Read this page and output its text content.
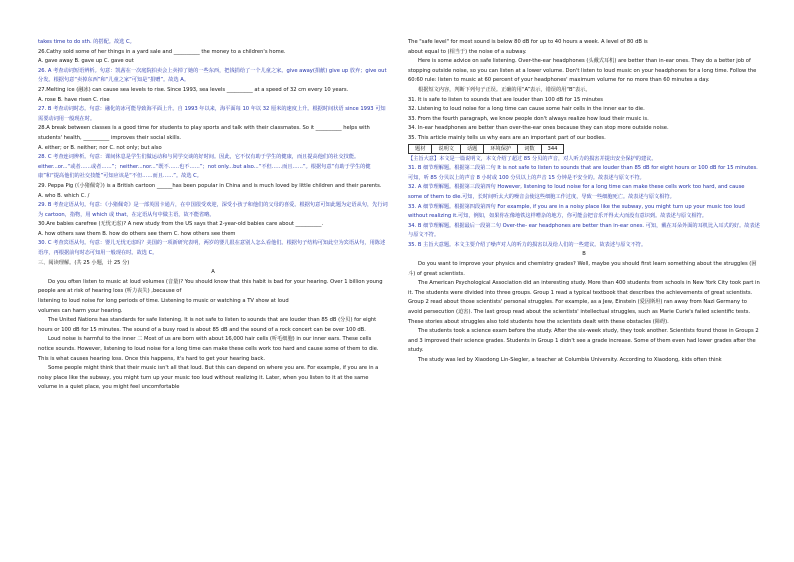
takes time to do sth. 的搭配。故选 C。

26.Cathy sold some of her things in a yard sale and __________ the money to a children's home.

A. gave away B. gave up C. gave out

26. A 考查动词短语辨析。句意：凯茜在一次庭院拍卖会上卖掉了她的一些东西，把钱捐给了一个儿童之家。give away(捐献) give up 放弃；give out 分发。根据句意“卖掉东西”和“儿童之家”可知是“捐赠”。故选 A。

27.Melting ice (融冰) can cause sea levels to rise. Since 1993, sea levels __________ at a speed of 32 cm every 10 years.

A. rose B. have risen C. rise

27. B 考查动词时态。句意：融化的冰可能导致海平面上升。自 1993 年以来，海平面每 10 年以 32 厘米的速度上升。根据时间状语 since 1993 可知需要动词用一般现在时。

28.A break between classes is a good time for students to play sports and talk with their classmates. So it __________ helps with students' health, __________ improves their social skills.

A. either; or B. neither; nor C. not only; but also

28. C 考查连词辨析。句意：课间休息是学生们做运动和与同学交谈的好时间。因此，它不仅有助于学生的健康，而且提高他们的社交技能。either...or...“或者……或者……”；neither...nor...“既不……也不……”；not only...but also...“不但……而且……”。根据句意“有助于学生的健康”和“提高他们的社交技能”可知应该是“不但……而且……”。故选 C。

29. Peppa Pig (《小猪佩奇》) is a British cartoon ______has been popular in China and is much loved by little children and their parents.

A. who B. which C. /

29. B 考查定语从句。句意：《小猪佩奇》是一部英国卡通片，在中国很受欢迎，深受小孩子和他们的父母的喜爱。根据句意可知此题为定语从句，先行词为 cartoon，指物，用 which 或 that，在定语从句中做主语，故不能省略。

30.Are babies carefree (无忧无虑)? A new study from the US says that 2-year-old babies care about __________.

A. how others saw them B. how do others see them C. how others see them

30. C 考查宾语从句。句意：婴儿无忧无虑吗？美国的一项新研究表明，两岁的婴儿很在意别人怎么看他们。根据句子结构可知此空为宾语从句，用陈述语序，再根据前句时态可知用一般现在时。故选 C。

三、阅读理解。(共 25 小题，计 25 分)

A

Do you often listen to music at loud volumes (音量)? You should know that this habit is bad for your hearing. Over 1 billion young people are at risk of hearing loss (听力丧失) ,because of

listening to loud noise for long periods of time. Listening to music or watching a TV show at loud

volumes can harm your hearing.

The United Nations has standards for safe listening. It is not safe to listen to sounds that are louder than 85 dB (分贝) for eight hours or 100 dB for 15 minutes. The sound of a busy road is about 85 dB and the sound of a rock concert can be over 100 dB.

Loud noise is harmful to the inner 二 Most of us are born with about 16,000 hair cells (听毛细胞) in our inner ears. These cells notice sounds. However, listening to loud noise for a long time can make these cells work too hard and cause some of them to die. This is what causes hearing loss. Once this happens, it's hard to get your hearing back.

Some people might think that their music isn't all that loud. But this can depend on where you are. For example, if you are in a noisy place like the subway, you might turn up your music too loud without realizing it. Later, when you listen to it at the same volume in a quiet place, you might feel uncomfortable

The "safe level" for most sound is below 80 dB for up to 40 hours a week. A level of 80 dB is

about equal to (相当于) the noise of a subway.

Here is some advice on safe listening. Over-the-ear headphones (头戴式耳机) are better than in-ear ones. They do a better job of stopping outside noise, so you can listen at a lower volume. Don't listen to loud music on your headphones for a long time. Follow the 60:60 rule: listen to music at 60 percent of your headphones' maximum volume for no more than 60 minutes a day.

根据短文内容，判断下列句子正误。正确的用“A”表示，错误的用“B”表示。

31. It is safe to listen to sounds that are louder than 100 dB for 15 minutes

32. Listening to loud noise for a long time can cause some hair cells in the inner ear to die.

33. From the fourth paragraph, we know people don't always realize how loud their music is.

34. In-ear headphones are better than over-the-ear ones because they can stop more outside noise.

35. This article mainly tells us why ears are an important part of our bodies.

题材	说明文	话题	环境保护	词数	344

【主旨大意】本文是一篇说明文，本文介绍了超过 85 分贝的声音，对人听力的损害并提出安全保护的建议。

31. B 细节理解题。根据第二段第二句 It is not safe to listen to sounds that are louder than 85 dB for eight hours or 100 dB for 15 minutes.可知，听 85 分贝以上的声音 8 小时或 100 分贝以上的声音 15 分钟是不安全的。故表述与原文不符。

32. A 细节理解题。根据第三段第四句 However, listening to loud noise for a long time can make these cells work too hard, and cause some of them to die.可知，长时间听太大的噪音会使这些细胞工作过度，导致一些细胞死亡。故表述与原文相符。

33. A 细节理解题。根据第四段第四句 For example, if you are in a noisy place like the subway, you might turn up your music too loud without realizing it.可知，例如，如果你在像地铁这样嘈杂的地方，你可能会把音乐开得太大而没有意识到。故表述与原文相符。

34. B 细节理解题。根据最后一段第二句 Over-the- ear headphones are better than in-ear ones. 可知，戴在耳朵外面的耳机比入耳式的好。故表述与原文不符。

35. B 主旨大意题。本文主要介绍了噪声对人的听力的损害以及给人们的一些建议。故表述与原文不符。

B

Do you want to improve your physics and chemistry grades? Well, maybe you should first learn something about the struggles (困斗) of great scientists.

The American Psychological Association did an interesting study. More than 400 students from schools in New York City took part in it. The students were divided into three groups. Group 1 read a typical textbook that describes the achievements of great scientists. Group 2 read about those scientists' personal struggles. For example, as a Jew, Einstein (爱因斯坦) ran away from Nazi Germany to avoid persecution (迫害). The last group read about the scientists' intellectual struggles, such as Marie Curie's failed scientific tests. These stories about struggles also told students how the scientists dealt with these obstacles (障碍).

The students took a science exam before the study. After the six-week study, they took another. Scientists found those in Groups 2 and 3 improved their science grades. Students in Group 1 didn't see a grade increase. Some of them even had lower grades after the study.

The study was led by Xiaodong Lin-Siegler, a teacher at Columbia University. According to Xiaodong, kids often think
